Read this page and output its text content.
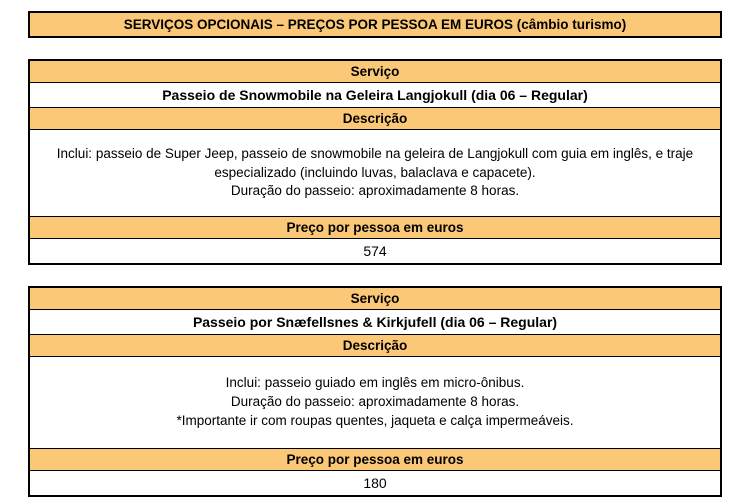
SERVIÇOS OPCIONAIS – PREÇOS POR PESSOA EM EUROS (câmbio turismo)
Serviço
Passeio de Snowmobile na Geleira Langjokull (dia 06 – Regular)
Descrição
Inclui: passeio de Super Jeep, passeio de snowmobile na geleira de Langjokull com guia em inglês, e traje especializado (incluindo luvas, balaclava e capacete).
Duração do passeio: aproximadamente 8 horas.
Preço por pessoa em euros
574
Serviço
Passeio por Snæfellsnes & Kirkjufell (dia 06 – Regular)
Descrição
Inclui: passeio guiado em inglês em micro-ônibus.
Duração do passeio: aproximadamente 8 horas.
*Importante ir com roupas quentes, jaqueta e calça impermeáveis.
Preço por pessoa em euros
180
